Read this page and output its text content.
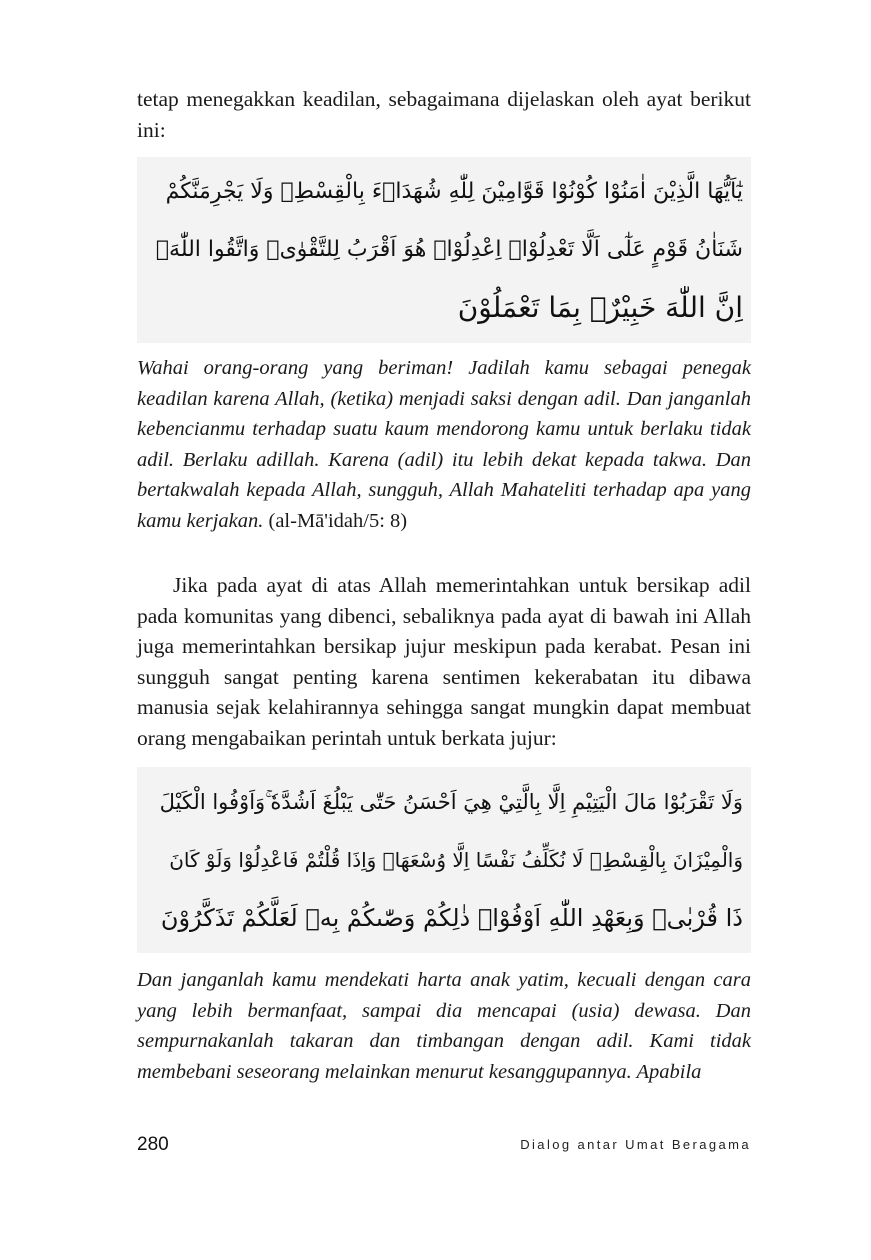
tetap menegakkan keadilan, sebagaimana dijelaskan oleh ayat berikut ini:

يٰٓاَيُّهَا الَّذِيْنَ اٰمَنُوْا كُوْنُوْا قَوَّامِيْنَ لِلّٰهِ شُهَدَاۤءَ بِالْقِسْطِۖ وَلَا يَجْرِمَنَّكُمْ
شَنَاٰنُ قَوْمٍ عَلٰٓى اَلَّا تَعْدِلُوْاۗ اِعْدِلُوْاۗ هُوَ اَقْرَبُ لِلتَّقْوٰىۖ وَاتَّقُوا اللّٰهَۗ
اِنَّ اللّٰهَ خَبِيْرٌۢ بِمَا تَعْمَلُوْنَ

Wahai orang-orang yang beriman! Jadilah kamu sebagai penegak keadilan karena Allah, (ketika) menjadi saksi dengan adil. Dan janganlah kebencianmu terhadap suatu kaum mendorong kamu untuk berlaku tidak adil. Berlaku adillah. Karena (adil) itu lebih dekat kepada takwa. Dan bertakwalah kepada Allah, sungguh, Allah Mahateliti terhadap apa yang kamu kerjakan. (al-Mā'idah/5: 8)

Jika pada ayat di atas Allah memerintahkan untuk bersikap adil pada komunitas yang dibenci, sebaliknya pada ayat di bawah ini Allah juga memerintahkan bersikap jujur meskipun pada kerabat. Pesan ini sungguh sangat penting karena sentimen kekerabatan itu dibawa manusia sejak kelahirannya sehingga sangat mungkin dapat membuat orang mengabaikan perintah untuk berkata jujur:

وَلَا تَقْرَبُوْا مَالَ الْيَتِيْمِ اِلَّا بِالَّتِيْ هِيَ اَحْسَنُ حَتّٰى يَبْلُغَ اَشُدَّهٗ ۚوَاَوْفُوا الْكَيْلَ
وَالْمِيْزَانَ بِالْقِسْطِۚ لَا نُكَلِّفُ نَفْسًا اِلَّا وُسْعَهَاۚ وَاِذَا قُلْتُمْ فَاعْدِلُوْا وَلَوْ كَانَ
ذَا قُرْبٰىۚ وَبِعَهْدِ اللّٰهِ اَوْفُوْاۗ ذٰلِكُمْ وَصّٰىكُمْ بِهٖ لَعَلَّكُمْ تَذَكَّرُوْنَ

Dan janganlah kamu mendekati harta anak yatim, kecuali dengan cara yang lebih bermanfaat, sampai dia mencapai (usia) dewasa. Dan sempurnakanlah takaran dan timbangan dengan adil. Kami tidak membebani seseorang melainkan menurut kesanggupannya. Apabila

280	Dialog antar Umat Beragama
